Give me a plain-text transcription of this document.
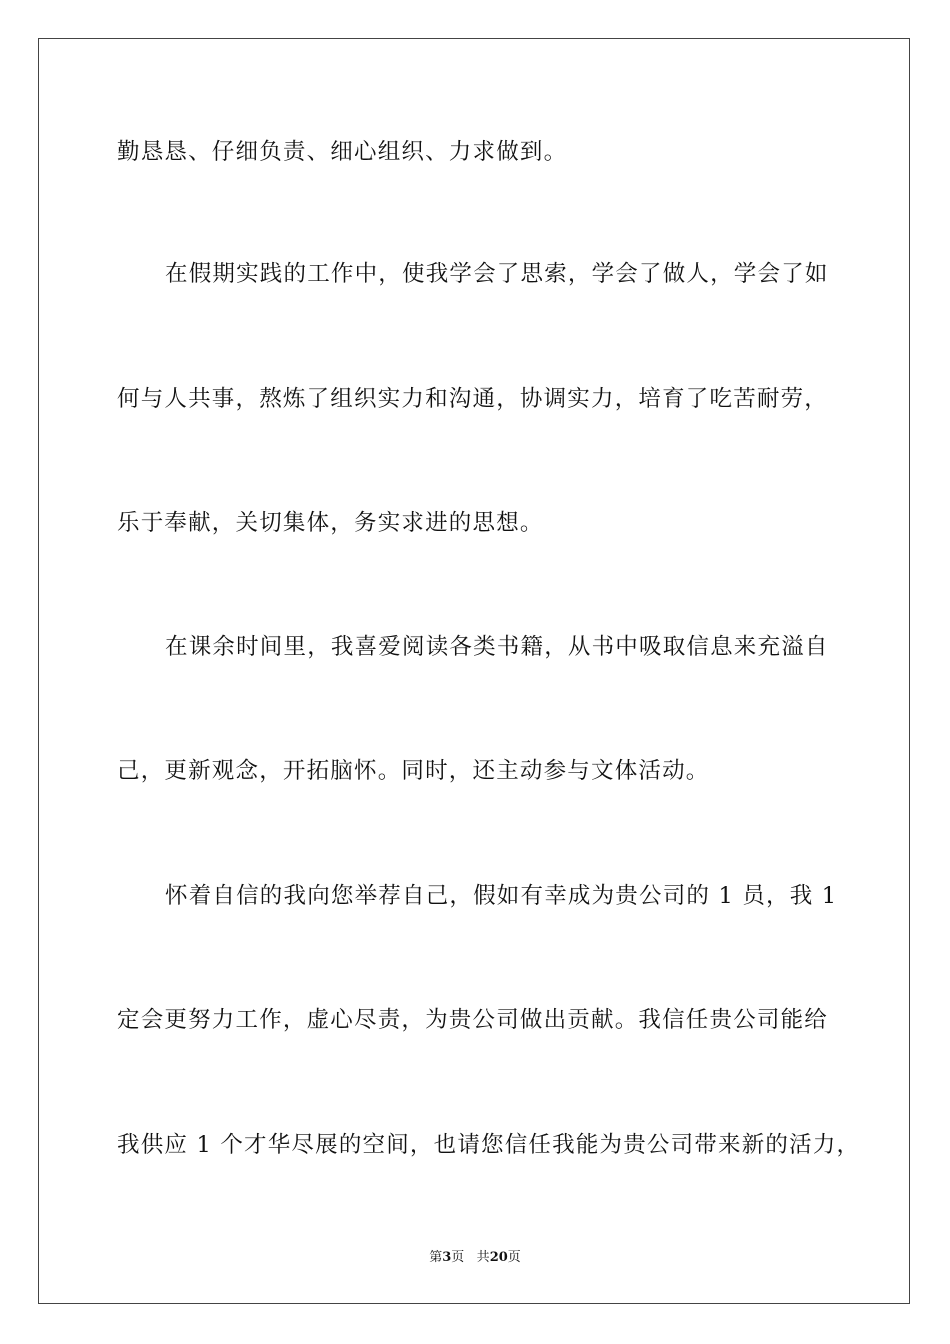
勤恳恳、仔细负责、细心组织、力求做到。
在假期实践的工作中，使我学会了思索，学会了做人，学会了如
何与人共事，熬炼了组织实力和沟通，协调实力，培育了吃苦耐劳，
乐于奉献，关切集体，务实求进的思想。
在课余时间里，我喜爱阅读各类书籍，从书中吸取信息来充溢自
己，更新观念，开拓脑怀。同时，还主动参与文体活动。
怀着自信的我向您举荐自己，假如有幸成为贵公司的 1 员，我 1
定会更努力工作，虚心尽责，为贵公司做出贡献。我信任贵公司能给
我供应 1 个才华尽展的空间，也请您信任我能为贵公司带来新的活力，
第3页 共20页
